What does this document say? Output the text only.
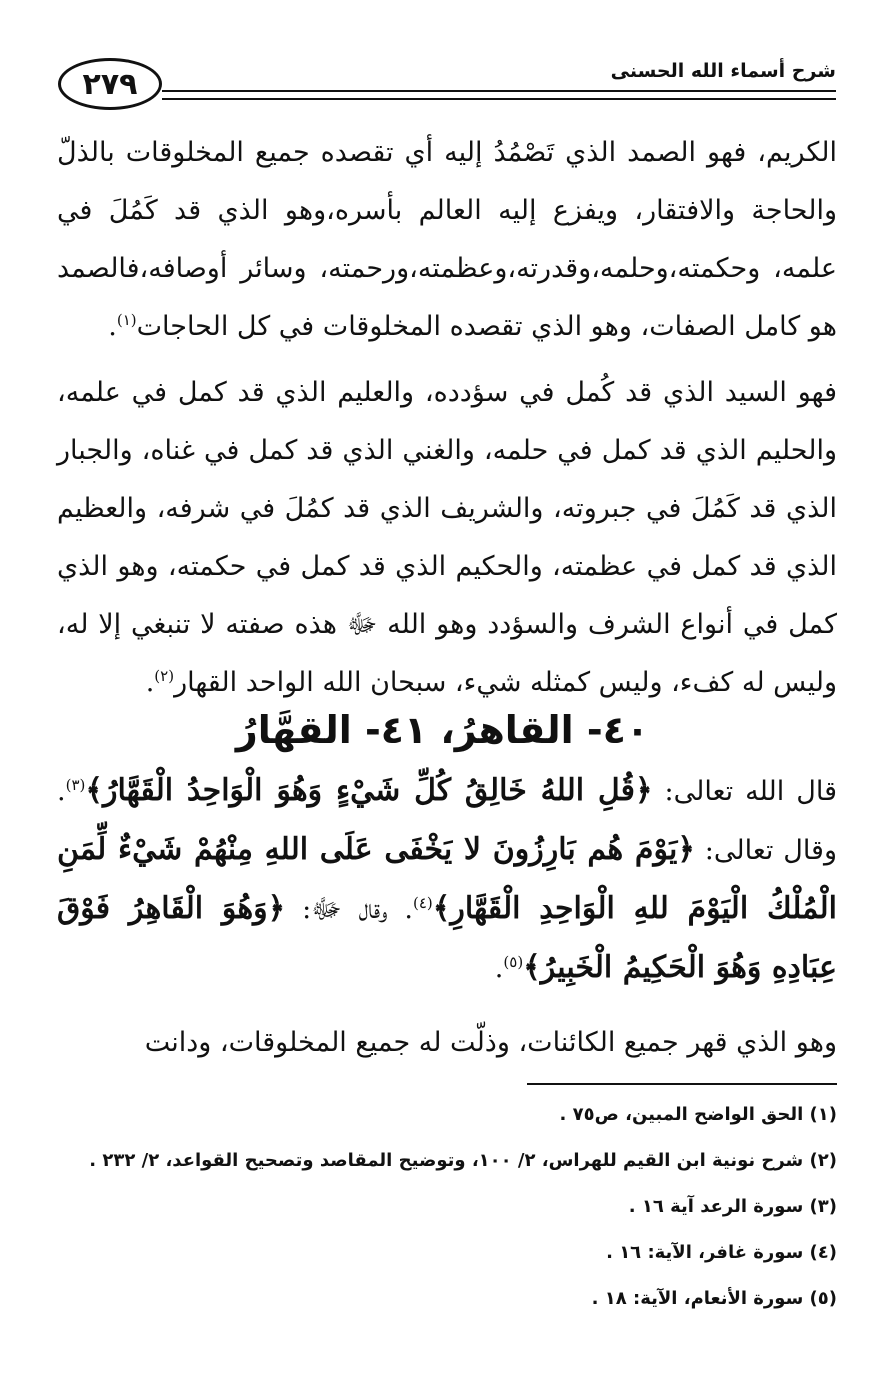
٢٧٩	شرح أسماء الله الحسنى
الكريم، فهو الصمد الذي تَصْمُدُ إليه أي تقصده جميع المخلوقات بالذلّ والحاجة والافتقار، ويفزع إليه العالم بأسره،وهو الذي قد كَمُلَ في علمه، وحكمته،وحلمه،وقدرته،وعظمته،ورحمته، وسائر أوصافه،فالصمد هو كامل الصفات، وهو الذي تقصده المخلوقات في كل الحاجات$^{(١)}$.
فهو السيد الذي قد كُمل في سؤدده، والعليم الذي قد كمل في علمه، والحليم الذي قد كمل في حلمه، والغني الذي قد كمل في غناه، والجبار الذي قد كَمُلَ في جبروته، والشريف الذي قد كمُلَ في شرفه، والعظيم الذي قد كمل في عظمته، والحكيم الذي قد كمل في حكمته، وهو الذي كمل في أنواع الشرف والسؤدد وهو الله ﷻ هذه صفته لا تنبغي إلا له، وليس له كفء، وليس كمثله شيء، سبحان الله الواحد القهار$^{(٢)}$.
٤٠- القاهرُ، ٤١- القهَّارُ
قال الله تعالى: ﴿قُلِ اللهُ خَالِقُ كُلِّ شَيْءٍ وَهُوَ الْوَاحِدُ الْقَهَّارُ﴾$^{(٣)}$. وقال تعالى: ﴿يَوْمَ هُم بَارِزُونَ لا يَخْفَى عَلَى اللهِ مِنْهُمْ شَيْءٌ لِّمَنِ الْمُلْكُ الْيَوْمَ للهِ الْوَاحِدِ الْقَهَّارِ﴾$^{(٤)}$. وقال ﷻ: ﴿وَهُوَ الْقَاهِرُ فَوْقَ عِبَادِهِ وَهُوَ الْحَكِيمُ الْخَبِيرُ﴾$^{(٥)}$.
وهو الذي قهر جميع الكائنات، وذلّت له جميع المخلوقات، ودانت
(١) الحق الواضح المبين، ص٧٥ .
(٢) شرح نونية ابن القيم للهراس، ٢/ ١٠٠، وتوضيح المقاصد وتصحيح القواعد، ٢/ ٢٣٢ .
(٣) سورة الرعد آية ١٦ .
(٤) سورة غافر، الآية: ١٦ .
(٥) سورة الأنعام، الآية: ١٨ .
